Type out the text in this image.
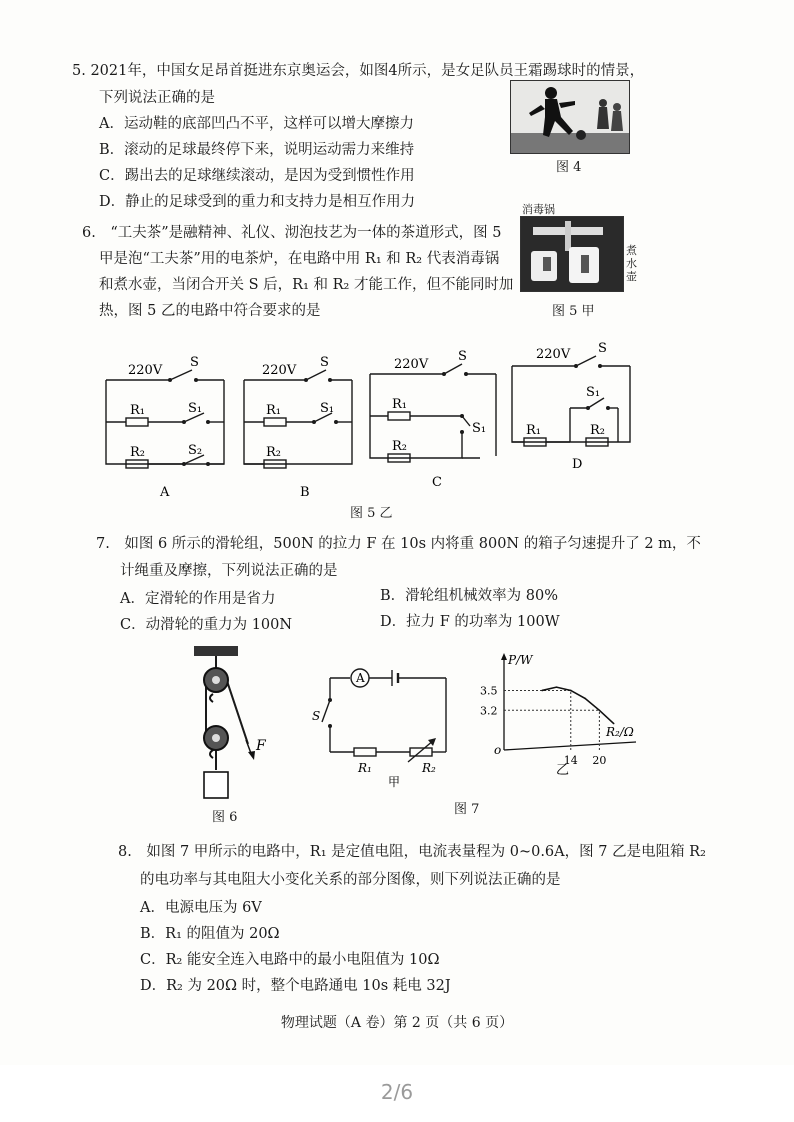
5. 2021年，中国女足昂首挺进东京奥运会，如图4所示，是女足队员王霜踢球时的情景，
下列说法正确的是
A．运动鞋的底部凹凸不平，这样可以增大摩擦力
B．滚动的足球最终停下来，说明运动需力来维持
C．踢出去的足球继续滚动，是因为受到惯性作用
D．静止的足球受到的重力和支持力是相互作用力
图 4
6.　“工夫茶”是融精神、礼仪、沏泡技艺为一体的茶道形式，图 5
甲是泡“工夫茶”用的电茶炉，在电路中用 R₁ 和 R₂ 代表消毒锅
和煮水壶，当闭合开关 S 后，R₁ 和 R₂ 才能工作，但不能同时加
热，图 5 乙的电路中符合要求的是
消毒锅
煮水壶
图 5 甲
220V
S
R₁	S₁
R₂	S₂
A
220V
S
R₁	S₁
R₂
B
220V
S
R₁
S₁
R₂
C
220V S
R₁
S₁
R₂
D
图 5 乙
7.　如图 6 所示的滑轮组，500N 的拉力 F 在 10s 内将重 800N 的箱子匀速提升了 2 m，不
计绳重及摩擦，下列说法正确的是
A．定滑轮的作用是省力	B．滑轮组机械效率为 80%
C．动滑轮的重力为 100N	D．拉力 F 的功率为 100W
F
图 6
A
S
R₁	R₂
甲
P/W
R₂/Ω
o
3.5
3.2
14 20
乙
图 7
8.　如图 7 甲所示的电路中，R₁ 是定值电阻，电流表量程为 0~0.6A，图 7 乙是电阻箱 R₂
的电功率与其电阻大小变化关系的部分图像，则下列说法正确的是
A．电源电压为 6V
B．R₁ 的阻值为 20Ω
C．R₂ 能安全连入电路中的最小电阻值为 10Ω
D．R₂ 为 20Ω 时，整个电路通电 10s 耗电 32J
物理试题（A 卷）第 2 页（共 6 页）
2/6
